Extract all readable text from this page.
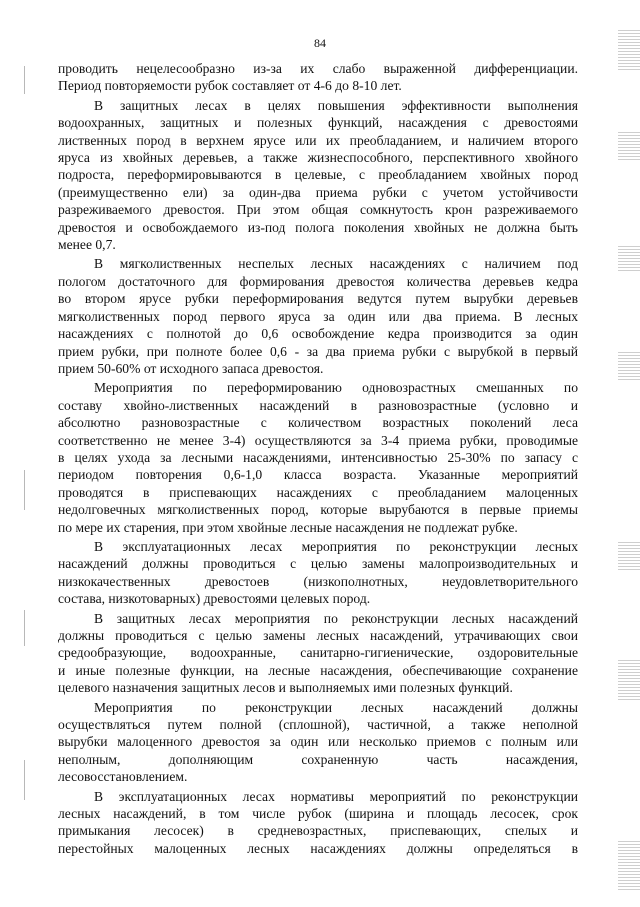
84
проводить нецелесообразно из-за их слабо выраженной дифференциации.
Период повторяемости рубок составляет от 4-6 до 8-10 лет.
В защитных лесах в целях повышения эффективности выполнения
водоохранных, защитных и полезных функций, насаждения с древостоями
лиственных пород в верхнем ярусе или их преобладанием, и наличием второго
яруса из хвойных деревьев, а также жизнеспособного, перспективного хвойного
подроста, переформировываются в целевые, с преобладанием хвойных пород
(преимущественно ели) за один-два приема рубки с учетом устойчивости
разреживаемого древостоя. При этом общая сомкнутость крон разреживаемого
древостоя и освобождаемого из-под полога поколения хвойных не должна быть
менее 0,7.
В мягколиственных неспелых лесных насаждениях с наличием под
пологом достаточного для формирования древостоя количества деревьев кедра
во втором ярусе рубки переформирования ведутся путем вырубки деревьев
мягколиственных пород первого яруса за один или два приема. В лесных
насаждениях с полнотой до 0,6 освобождение кедра производится за один
прием рубки, при полноте более 0,6 - за два приема рубки с вырубкой в первый
прием 50-60% от исходного запаса древостоя.
Мероприятия по переформированию одновозрастных смешанных по
составу хвойно-лиственных насаждений в разновозрастные (условно и
абсолютно разновозрастные с количеством возрастных поколений леса
соответственно не менее 3-4) осуществляются за 3-4 приема рубки, проводимые
в целях ухода за лесными насаждениями, интенсивностью 25-30% по запасу с
периодом повторения 0,6-1,0 класса возраста. Указанные мероприятий
проводятся в приспевающих насаждениях с преобладанием малоценных
недолговечных мягколиственных пород, которые вырубаются в первые приемы
по мере их старения, при этом хвойные лесные насаждения не подлежат рубке.
В эксплуатационных лесах мероприятия по реконструкции лесных
насаждений должны проводиться с целью замены малопроизводительных и
низкокачественных древостоев (низкополнотных, неудовлетворительного
состава, низкотоварных) древостоями целевых пород.
В защитных лесах мероприятия по реконструкции лесных насаждений
должны проводиться с целью замены лесных насаждений, утрачивающих свои
средообразующие, водоохранные, санитарно-гигиенические, оздоровительные
и иные полезные функции, на лесные насаждения, обеспечивающие сохранение
целевого назначения защитных лесов и выполняемых ими полезных функций.
Мероприятия по реконструкции лесных насаждений должны
осуществляться путем полной (сплошной), частичной, а также неполной
вырубки малоценного древостоя за один или несколько приемов с полным или
неполным, дополняющим сохраненную часть насаждения,
лесовосстановлением.
В эксплуатационных лесах нормативы мероприятий по реконструкции
лесных насаждений, в том числе рубок (ширина и площадь лесосек, срок
примыкания лесосек) в средневозрастных, приспевающих, спелых и
перестойных малоценных лесных насаждениях должны определяться в
